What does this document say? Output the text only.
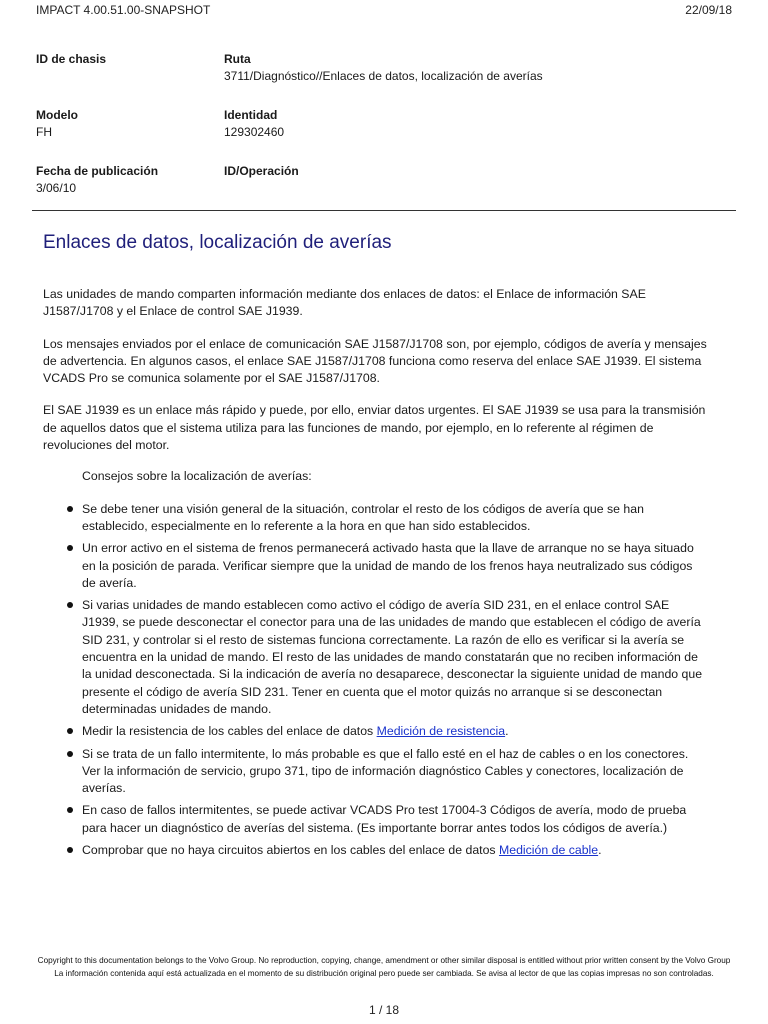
IMPACT 4.00.51.00-SNAPSHOT	22/09/18
ID de chasis	Ruta
3711/Diagnóstico//Enlaces de datos, localización de averías
Modelo
FH
Identidad
129302460
Fecha de publicación
3/06/10
ID/Operación
Enlaces de datos, localización de averías

Las unidades de mando comparten información mediante dos enlaces de datos: el Enlace de información SAE J1587/J1708 y el Enlace de control SAE J1939.

Los mensajes enviados por el enlace de comunicación SAE J1587/J1708 son, por ejemplo, códigos de avería y mensajes de advertencia. En algunos casos, el enlace SAE J1587/J1708 funciona como reserva del enlace SAE J1939. El sistema VCADS Pro se comunica solamente por el SAE J1587/J1708.

El SAE J1939 es un enlace más rápido y puede, por ello, enviar datos urgentes. El SAE J1939 se usa para la transmisión de aquellos datos que el sistema utiliza para las funciones de mando, por ejemplo, en lo referente al régimen de revoluciones del motor.

Consejos sobre la localización de averías:

Se debe tener una visión general de la situación, controlar el resto de los códigos de avería que se han establecido, especialmente en lo referente a la hora en que han sido establecidos.
Un error activo en el sistema de frenos permanecerá activado hasta que la llave de arranque no se haya situado en la posición de parada. Verificar siempre que la unidad de mando de los frenos haya neutralizado sus códigos de avería.
Si varias unidades de mando establecen como activo el código de avería SID 231, en el enlace control SAE J1939, se puede desconectar el conector para una de las unidades de mando que establecen el código de avería SID 231, y controlar si el resto de sistemas funciona correctamente. La razón de ello es verificar si la avería se encuentra en la unidad de mando. El resto de las unidades de mando constatarán que no reciben información de la unidad desconectada. Si la indicación de avería no desaparece, desconectar la siguiente unidad de mando que presente el código de avería SID 231. Tener en cuenta que el motor quizás no arranque si se desconectan determinadas unidades de mando.
Medir la resistencia de los cables del enlace de datos Medición de resistencia.
Si se trata de un fallo intermitente, lo más probable es que el fallo esté en el haz de cables o en los conectores. Ver la información de servicio, grupo 371, tipo de información diagnóstico Cables y conectores, localización de averías.
En caso de fallos intermitentes, se puede activar VCADS Pro test 17004-3 Códigos de avería, modo de prueba para hacer un diagnóstico de averías del sistema. (Es importante borrar antes todos los códigos de avería.)
Comprobar que no haya circuitos abiertos en los cables del enlace de datos Medición de cable.

Copyright to this documentation belongs to the Volvo Group. No reproduction, copying, change, amendment or other similar disposal is entitled without prior written consent by the Volvo Group

La información contenida aquí está actualizada en el momento de su distribución original pero puede ser cambiada. Se avisa al lector de que las copias impresas no son controladas.

1 / 18
